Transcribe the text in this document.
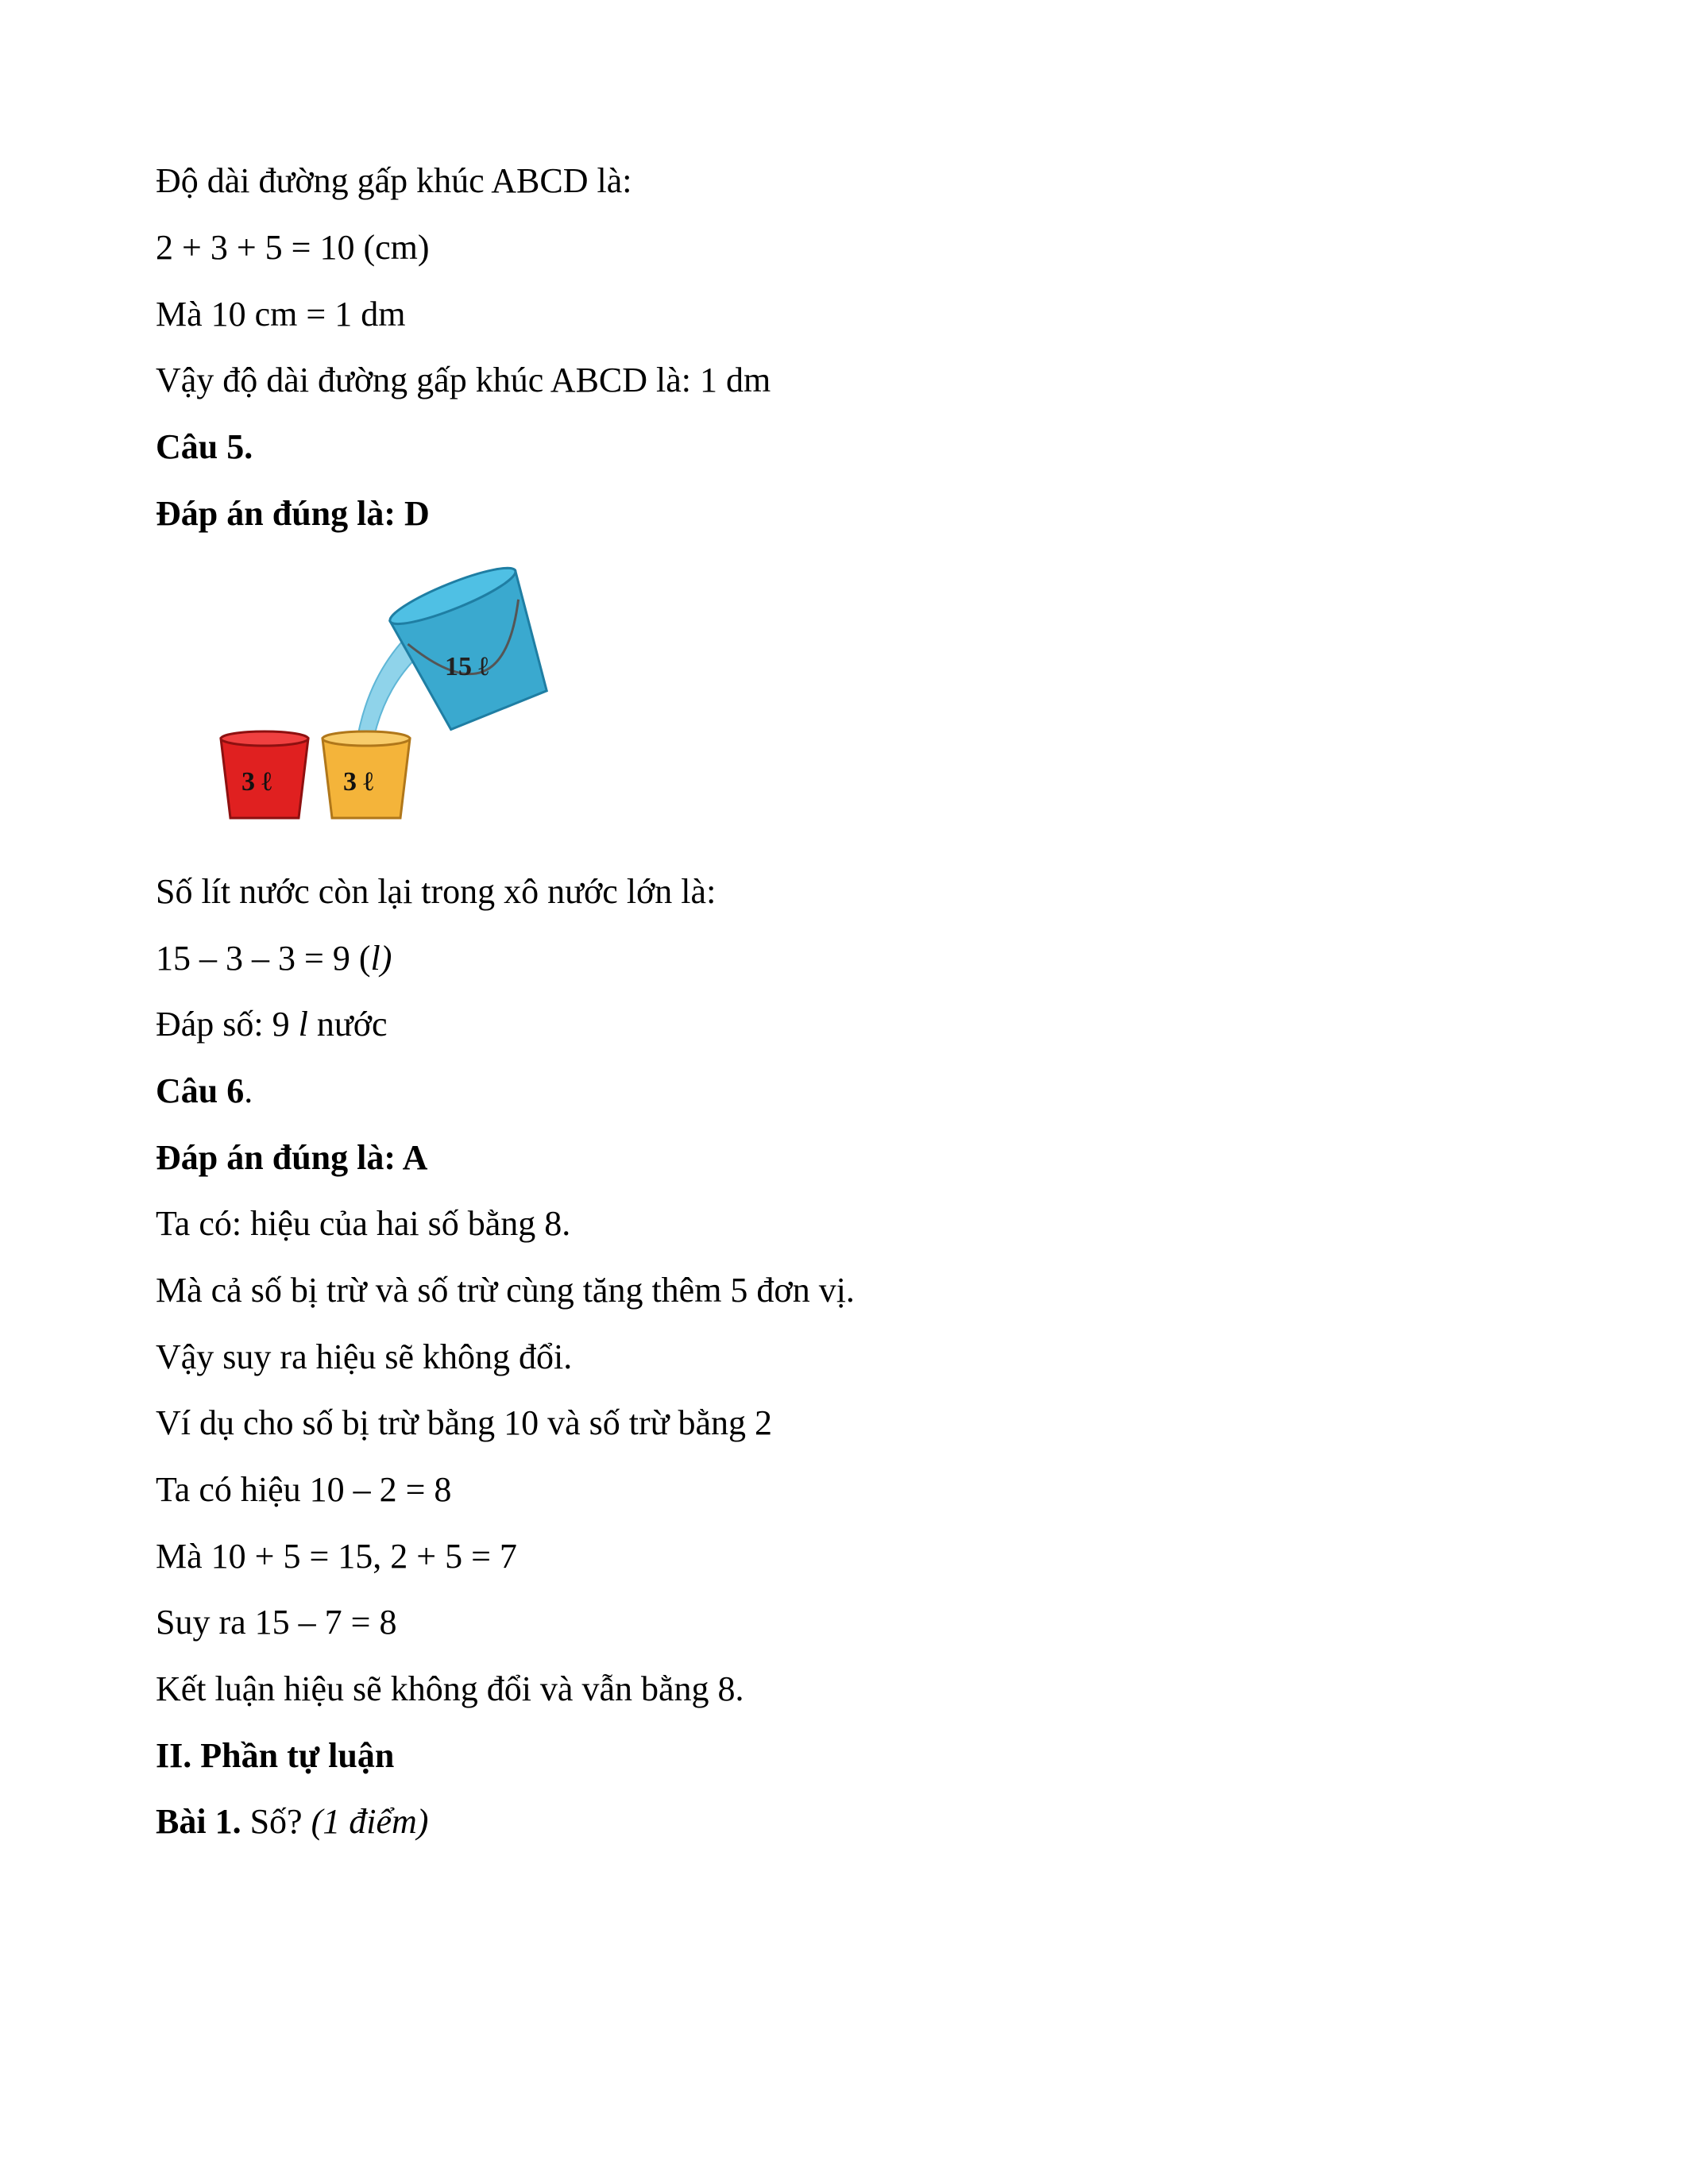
Độ dài đường gấp khúc ABCD là:
2 + 3 + 5 = 10 (cm)
Mà 10 cm = 1 dm
Vậy độ dài đường gấp khúc ABCD là: 1 dm
Câu 5.
Đáp án đúng là: D
15 ℓ
3 ℓ	3 ℓ
Số lít nước còn lại trong xô nước lớn là:
15 – 3 – 3 = 9 (l)
Đáp số: 9 l nước
Câu 6.
Đáp án đúng là: A
Ta có: hiệu của hai số bằng 8.
Mà cả số bị trừ và số trừ cùng tăng thêm 5 đơn vị.
Vậy suy ra hiệu sẽ không đổi.
Ví dụ cho số bị trừ bằng 10 và số trừ bằng 2
Ta có hiệu 10 – 2 = 8
Mà 10 + 5 = 15, 2 + 5 = 7
Suy ra 15 – 7 = 8
Kết luận hiệu sẽ không đổi và vẫn bằng 8.
II. Phần tự luận
Bài 1. Số? (1 điểm)
